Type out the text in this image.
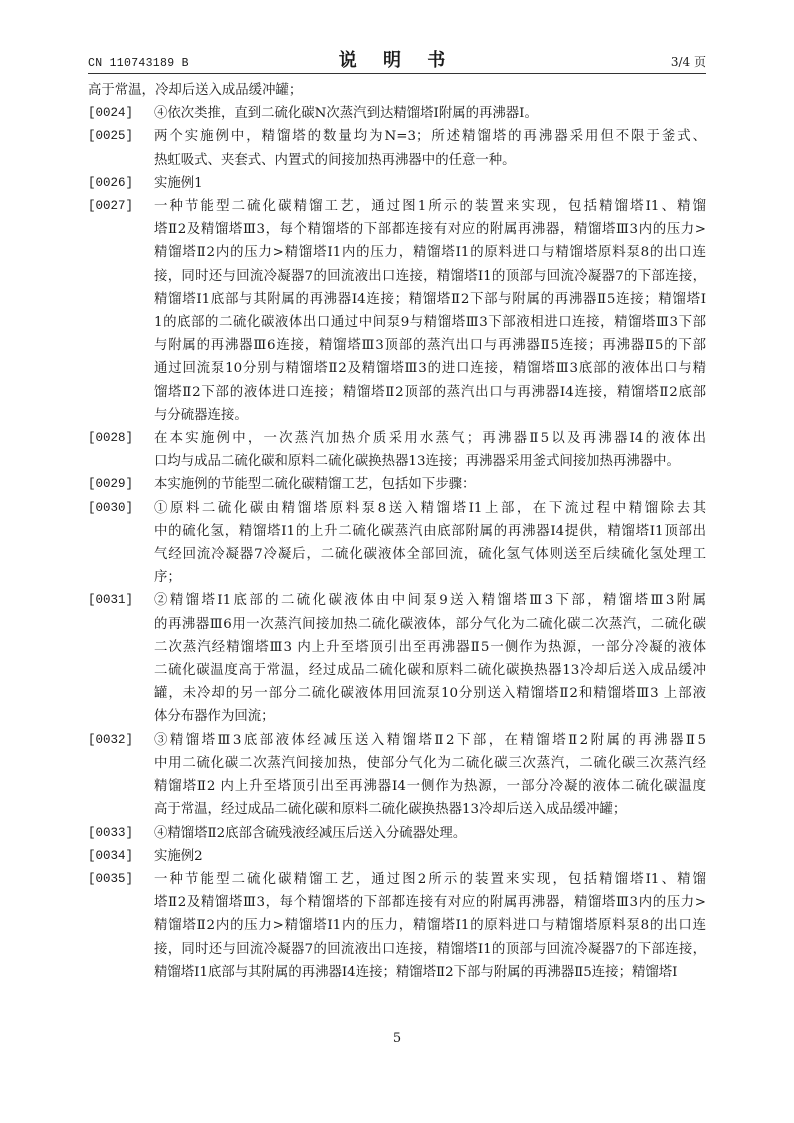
CN 110743189 B	说 明 书	3/4 页
高于常温，冷却后送入成品缓冲罐；
[0024]	④依次类推，直到二硫化碳N次蒸汽到达精馏塔I附属的再沸器I。
[0025]	两个实施例中，精馏塔的数量均为N=3；所述精馏塔的再沸器采用但不限于釜式、
热虹吸式、夹套式、内置式的间接加热再沸器中的任意一种。
[0026]	实施例1
[0027]	一种节能型二硫化碳精馏工艺，通过图1所示的装置来实现，包括精馏塔I1、精馏
塔Ⅱ2及精馏塔Ⅲ3，每个精馏塔的下部都连接有对应的附属再沸器，精馏塔Ⅲ3内的压力>
精馏塔Ⅱ2内的压力>精馏塔I1内的压力，精馏塔I1的原料进口与精馏塔原料泵8的出口连
接，同时还与回流冷凝器7的回流液出口连接，精馏塔I1的顶部与回流冷凝器7的下部连接，
精馏塔I1底部与其附属的再沸器I4连接；精馏塔Ⅱ2下部与附属的再沸器Ⅱ5连接；精馏塔I
1的底部的二硫化碳液体出口通过中间泵9与精馏塔Ⅲ3下部液相进口连接，精馏塔Ⅲ3下部
与附属的再沸器Ⅲ6连接，精馏塔Ⅲ3顶部的蒸汽出口与再沸器Ⅱ5连接；再沸器Ⅱ5的下部
通过回流泵10分别与精馏塔Ⅱ2及精馏塔Ⅲ3的进口连接，精馏塔Ⅲ3底部的液体出口与精
馏塔Ⅱ2下部的液体进口连接；精馏塔Ⅱ2顶部的蒸汽出口与再沸器I4连接，精馏塔Ⅱ2底部
与分硫器连接。
[0028]	在本实施例中，一次蒸汽加热介质采用水蒸气；再沸器Ⅱ5以及再沸器I4的液体出
口均与成品二硫化碳和原料二硫化碳换热器13连接；再沸器采用釜式间接加热再沸器中。
[0029]	本实施例的节能型二硫化碳精馏工艺，包括如下步骤：
[0030]	①原料二硫化碳由精馏塔原料泵8送入精馏塔I1上部，在下流过程中精馏除去其
中的硫化氢，精馏塔I1的上升二硫化碳蒸汽由底部附属的再沸器I4提供，精馏塔I1顶部出
气经回流冷凝器7冷凝后，二硫化碳液体全部回流，硫化氢气体则送至后续硫化氢处理工
序；
[0031]	②精馏塔I1底部的二硫化碳液体由中间泵9送入精馏塔Ⅲ3下部，精馏塔Ⅲ3附属
的再沸器Ⅲ6用一次蒸汽间接加热二硫化碳液体，部分气化为二硫化碳二次蒸汽，二硫化碳
二次蒸汽经精馏塔Ⅲ3 内上升至塔顶引出至再沸器Ⅱ5一侧作为热源，一部分冷凝的液体
二硫化碳温度高于常温，经过成品二硫化碳和原料二硫化碳换热器13冷却后送入成品缓冲
罐，未冷却的另一部分二硫化碳液体用回流泵10分别送入精馏塔Ⅱ2和精馏塔Ⅲ3 上部液
体分布器作为回流；
[0032]	③精馏塔Ⅲ3底部液体经减压送入精馏塔Ⅱ2下部，在精馏塔Ⅱ2附属的再沸器Ⅱ5
中用二硫化碳二次蒸汽间接加热，使部分气化为二硫化碳三次蒸汽，二硫化碳三次蒸汽经
精馏塔Ⅱ2 内上升至塔顶引出至再沸器I4一侧作为热源，一部分冷凝的液体二硫化碳温度
高于常温，经过成品二硫化碳和原料二硫化碳换热器13冷却后送入成品缓冲罐；
[0033]	④精馏塔Ⅱ2底部含硫残液经减压后送入分硫器处理。
[0034]	实施例2
[0035]	一种节能型二硫化碳精馏工艺，通过图2所示的装置来实现，包括精馏塔I1、精馏
塔Ⅱ2及精馏塔Ⅲ3，每个精馏塔的下部都连接有对应的附属再沸器，精馏塔Ⅲ3内的压力>
精馏塔Ⅱ2内的压力>精馏塔I1内的压力，精馏塔I1的原料进口与精馏塔原料泵8的出口连
接，同时还与回流冷凝器7的回流液出口连接，精馏塔I1的顶部与回流冷凝器7的下部连接，
精馏塔I1底部与其附属的再沸器I4连接；精馏塔Ⅱ2下部与附属的再沸器Ⅱ5连接；精馏塔I
5
